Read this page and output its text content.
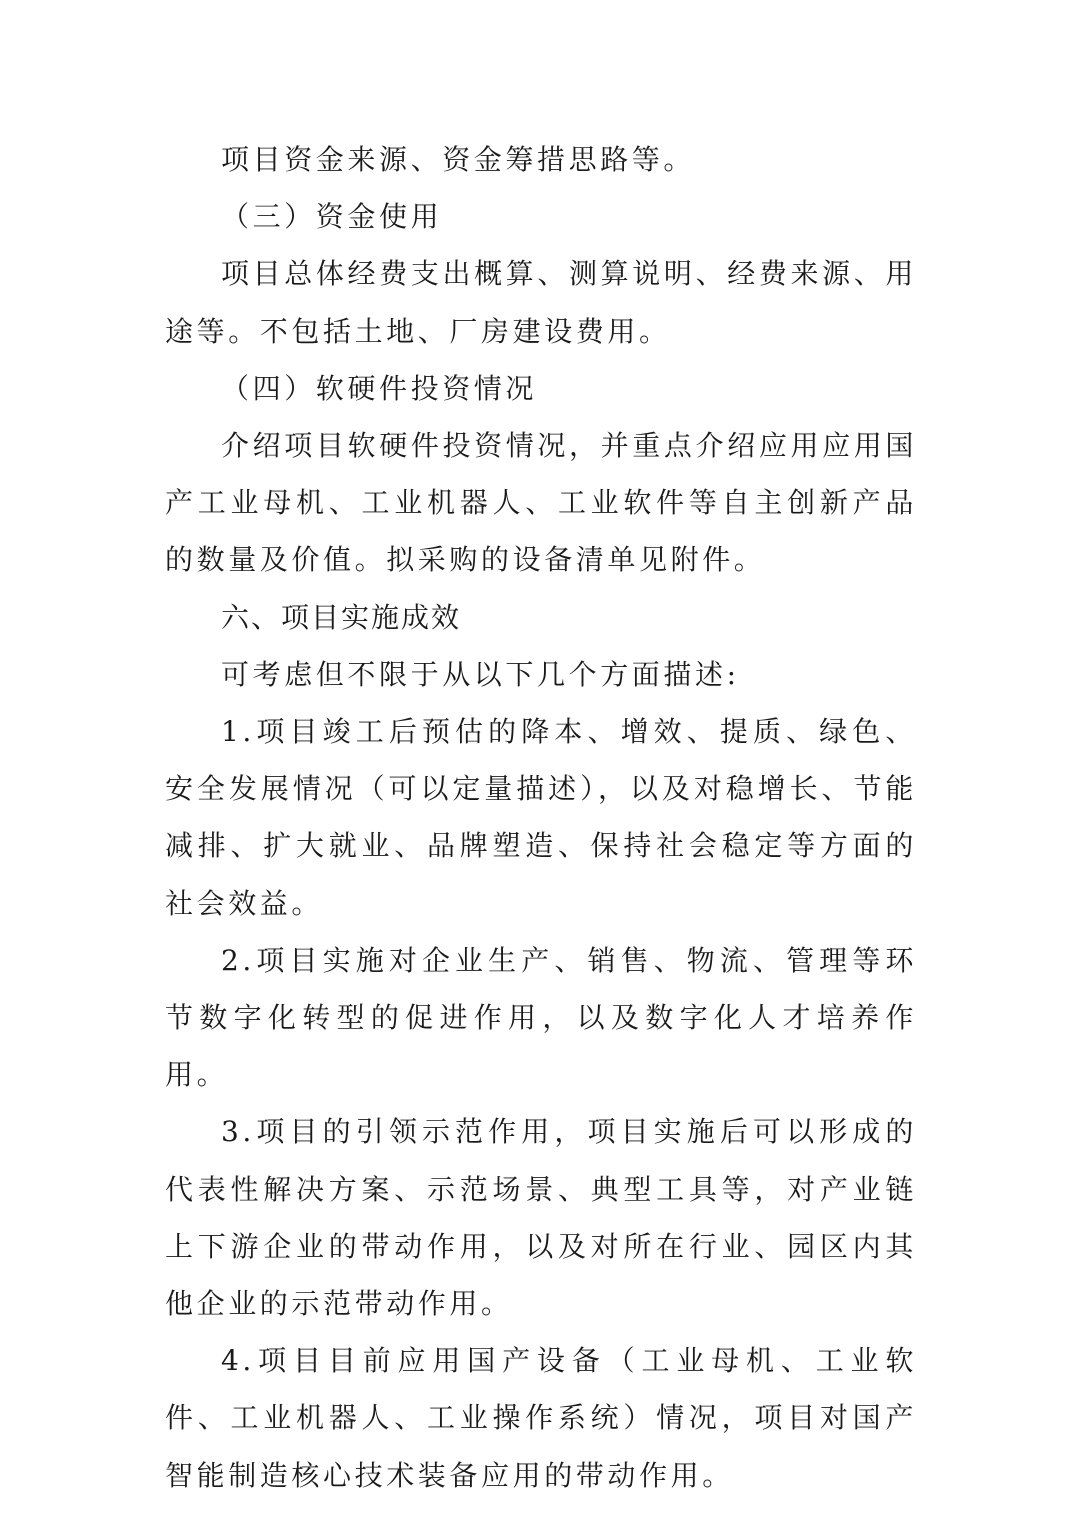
项目资金来源、资金筹措思路等。

（三）资金使用

项目总体经费支出概算、测算说明、经费来源、用途等。不包括土地、厂房建设费用。

（四）软硬件投资情况

介绍项目软硬件投资情况，并重点介绍应用应用国产工业母机、工业机器人、工业软件等自主创新产品的数量及价值。拟采购的设备清单见附件。

六、项目实施成效

可考虑但不限于从以下几个方面描述:

1.项目竣工后预估的降本、增效、提质、绿色、安全发展情况（可以定量描述），以及对稳增长、节能减排、扩大就业、品牌塑造、保持社会稳定等方面的社会效益。

2.项目实施对企业生产、销售、物流、管理等环节数字化转型的促进作用，以及数字化人才培养作用。

3.项目的引领示范作用，项目实施后可以形成的代表性解决方案、示范场景、典型工具等，对产业链上下游企业的带动作用，以及对所在行业、园区内其他企业的示范带动作用。

4.项目目前应用国产设备（工业母机、工业软件、工业机器人、工业操作系统）情况，项目对国产智能制造核心技术装备应用的带动作用。
